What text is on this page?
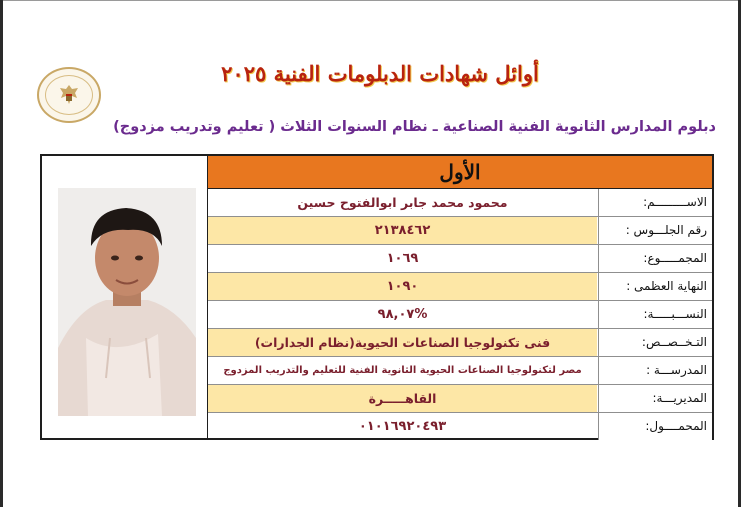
أوائل شهادات الدبلومات الفنية ٢٠٢٥
دبلوم المدارس الثانوية الفنية الصناعية ـ نظام السنوات الثلاث ( تعليم وتدريب مزدوج)
الأول
محمود محمد جابر ابوالفتوح حسين	الاســـــــــم:
٢١٣٨٤٦٢	رقم الجلـــوس :
١٠٦٩	المجمـــــوع:
١٠٩٠	النهاية العظمى :
%٩٨,٠٧	النســـبـــــة:
فنى تكنولوجيا الصناعات الحيوية(نظام الجدارات)	التـخــصــص:
مصر لتكنولوجيا الصناعات الحيوية الثانوية الفنية للتعليم والتدريب المزدوج	المدرســـة :
القاهـــــرة	المديريـــة:
٠١٠١٦٩٢٠٤٩٣	المحمــــول:
